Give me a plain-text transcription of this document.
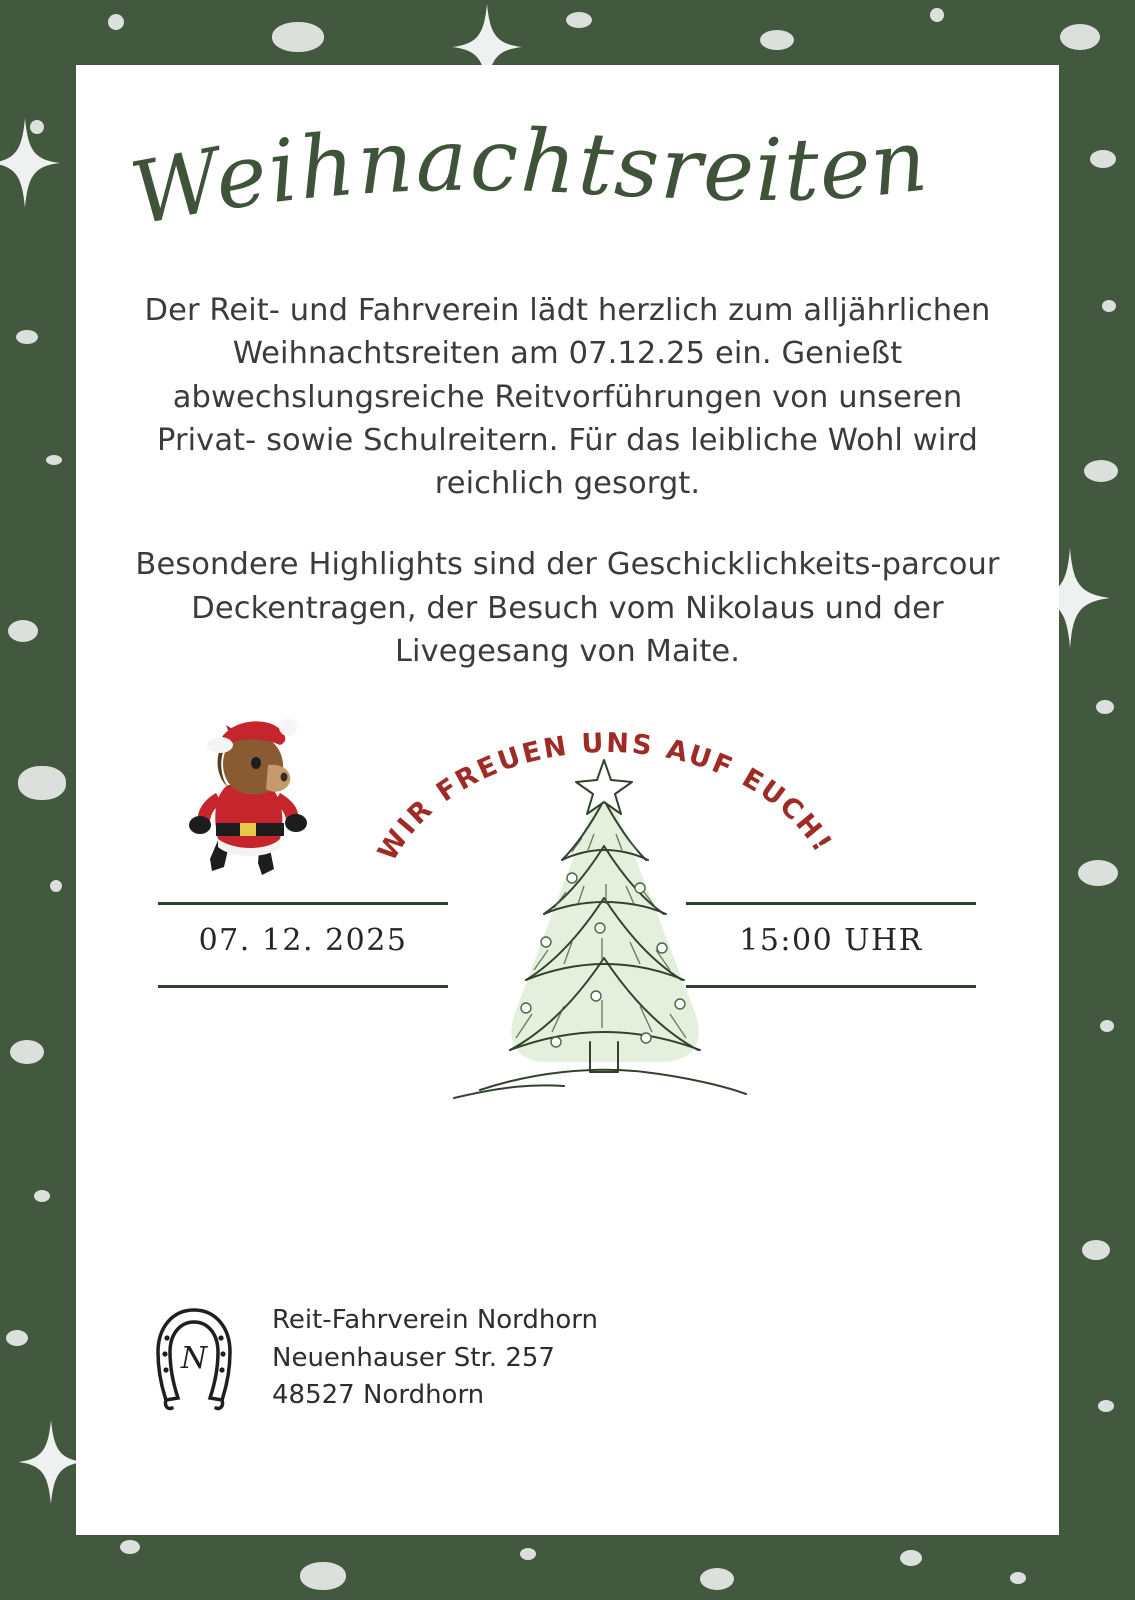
Weihnachtsreiten

Der Reit- und Fahrverein lädt herzlich zum alljährlichen Weihnachtsreiten am 07.12.25 ein. Genießt abwechslungsreiche Reitvorführungen von unseren Privat- sowie Schulreitern. Für das leibliche Wohl wird reichlich gesorgt.

Besondere Highlights sind der Geschicklichkeits-parcour Deckentragen, der Besuch vom Nikolaus und der Livegesang von Maite.

WIR FREUEN UNS AUF EUCH!
07. 12. 2025	15:00 UHR
N
Reit-Fahrverein Nordhorn
Neuenhauser Str. 257
48527 Nordhorn
